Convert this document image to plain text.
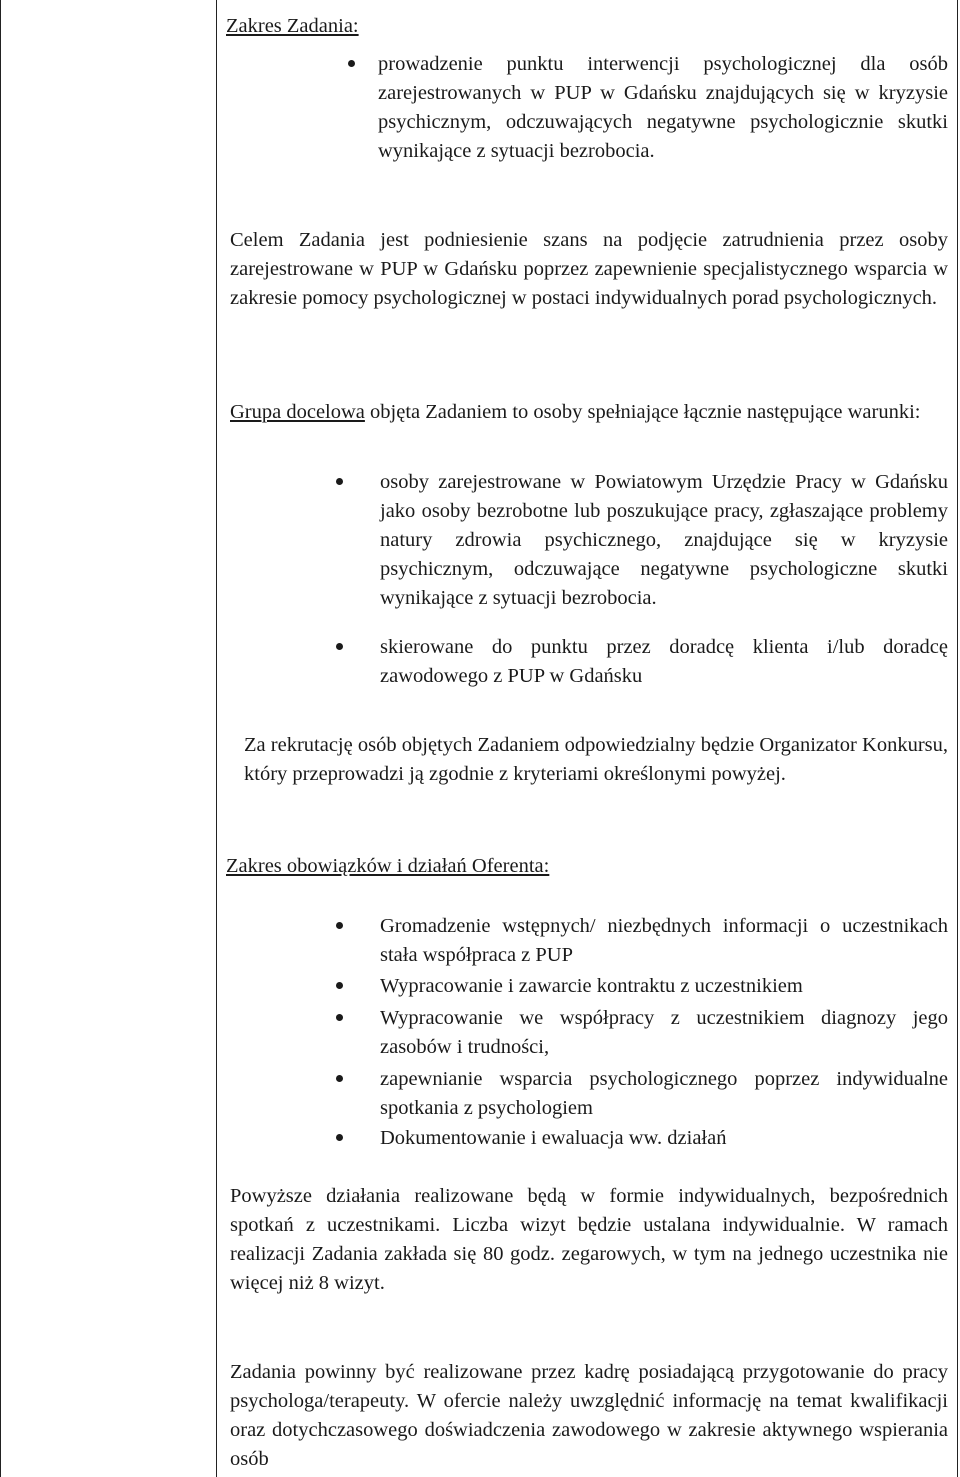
Zakres Zadania:
prowadzenie punktu interwencji psychologicznej dla osób zarejestrowanych w PUP w Gdańsku znajdujących się w kryzysie psychicznym, odczuwających negatywne psychologicznie skutki wynikające z sytuacji bezrobocia.
Celem Zadania jest podniesienie szans na podjęcie zatrudnienia przez osoby zarejestrowane w PUP w Gdańsku poprzez zapewnienie specjalistycznego wsparcia w zakresie pomocy psychologicznej w postaci indywidualnych porad psychologicznych.
Grupa docelowa objęta Zadaniem to osoby spełniające łącznie następujące warunki:
osoby zarejestrowane w Powiatowym Urzędzie Pracy w Gdańsku jako osoby bezrobotne lub poszukujące pracy, zgłaszające problemy natury zdrowia psychicznego, znajdujące się w kryzysie psychicznym, odczuwające negatywne psychologiczne skutki wynikające z sytuacji bezrobocia.
skierowane do punktu przez doradcę klienta i/lub doradcę zawodowego z PUP w Gdańsku
Za rekrutację osób objętych Zadaniem odpowiedzialny będzie Organizator Konkursu, który przeprowadzi ją zgodnie z kryteriami określonymi powyżej.
Zakres obowiązków i działań Oferenta:
Gromadzenie wstępnych/ niezbędnych informacji o uczestnikach stała współpraca z PUP
Wypracowanie i zawarcie kontraktu z uczestnikiem
Wypracowanie we współpracy z uczestnikiem diagnozy jego zasobów i trudności,
zapewnianie wsparcia psychologicznego poprzez indywidualne spotkania z psychologiem
Dokumentowanie i ewaluacja ww. działań
Powyższe działania realizowane będą w formie indywidualnych, bezpośrednich spotkań z uczestnikami. Liczba wizyt będzie ustalana indywidualnie. W ramach realizacji Zadania zakłada się 80 godz. zegarowych, w tym na jednego uczestnika nie więcej niż 8 wizyt.
Zadania powinny być realizowane przez kadrę posiadającą przygotowanie do pracy psychologa/terapeuty. W ofercie należy uwzględnić informację na temat kwalifikacji oraz dotychczasowego doświadczenia zawodowego w zakresie aktywnego wspierania osób
